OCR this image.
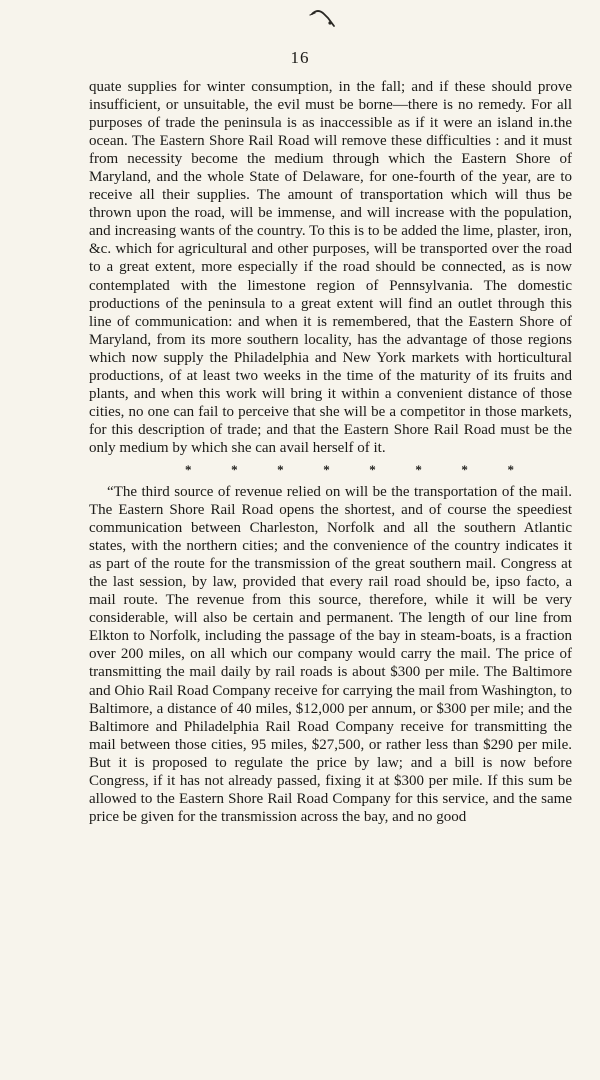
16

quate supplies for winter consumption, in the fall; and if these should prove insufficient, or unsuitable, the evil must be borne—there is no remedy. For all purposes of trade the peninsula is as inaccessible as if it were an island in.the ocean. The Eastern Shore Rail Road will remove these difficulties : and it must from necessity become the medium through which the Eastern Shore of Maryland, and the whole State of Delaware, for one-fourth of the year, are to receive all their supplies. The amount of transportation which will thus be thrown upon the road, will be immense, and will increase with the population, and increasing wants of the country. To this is to be added the lime, plaster, iron, &c. which for agricultural and other purposes, will be transported over the road to a great extent, more especially if the road should be connected, as is now contemplated with the limestone region of Pennsylvania. The domestic productions of the peninsula to a great extent will find an outlet through this line of communication: and when it is remembered, that the Eastern Shore of Maryland, from its more southern locality, has the advantage of those regions which now supply the Philadelphia and New York markets with horticultural productions, of at least two weeks in the time of the maturity of its fruits and plants, and when this work will bring it within a convenient distance of those cities, no one can fail to perceive that she will be a competitor in those markets, for this description of trade; and that the Eastern Shore Rail Road must be the only medium by which she can avail herself of it.

*	*	*	*	*	*	*	*

“The third source of revenue relied on will be the transportation of the mail. The Eastern Shore Rail Road opens the shortest, and of course the speediest communication between Charleston, Norfolk and all the southern Atlantic states, with the northern cities; and the convenience of the country indicates it as part of the route for the transmission of the great southern mail. Congress at the last session, by law, provided that every rail road should be, ipso facto, a mail route. The revenue from this source, therefore, while it will be very considerable, will also be certain and permanent. The length of our line from Elkton to Norfolk, including the passage of the bay in steam-boats, is a fraction over 200 miles, on all which our company would carry the mail. The price of transmitting the mail daily by rail roads is about $300 per mile. The Baltimore and Ohio Rail Road Company receive for carrying the mail from Washington, to Baltimore, a distance of 40 miles, $12,000 per annum, or $300 per mile; and the Baltimore and Philadelphia Rail Road Company receive for transmitting the mail between those cities, 95 miles, $27,500, or rather less than $290 per mile. But it is proposed to regulate the price by law; and a bill is now before Congress, if it has not already passed, fixing it at $300 per mile. If this sum be allowed to the Eastern Shore Rail Road Company for this service, and the same price be given for the transmission across the bay, and no good
